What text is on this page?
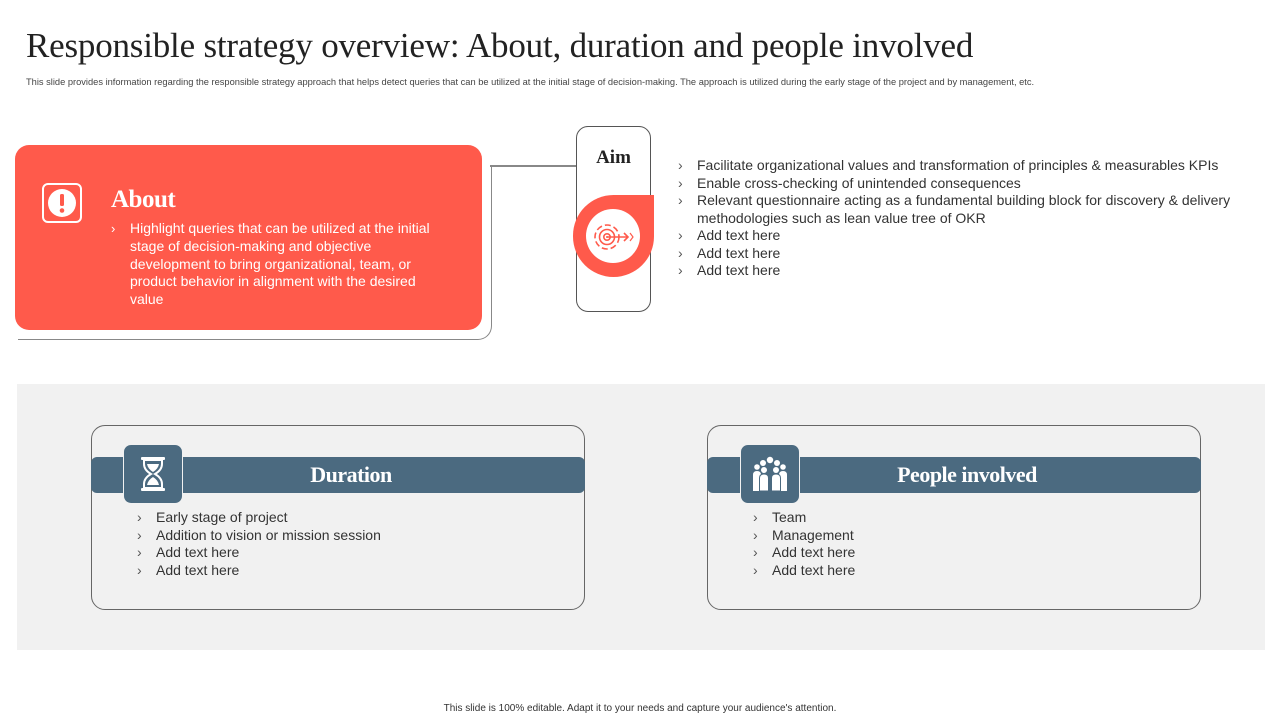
Responsible strategy overview: About, duration and people involved
This slide provides information regarding the responsible strategy approach that helps detect queries that can be utilized at the initial stage of decision-making. The approach is utilized during the early stage of the project and by management, etc.
About
› Highlight queries that can be utilized at the initial stage of decision-making and objective development to bring organizational, team, or product behavior in alignment with the desired value
Aim
›	Facilitate organizational values and transformation of principles & measurables KPIs
› Enable cross-checking of unintended consequences
› Relevant questionnaire acting as a fundamental building block for discovery & delivery methodologies such as lean value tree of OKR
› Add text here
› Add text here
› Add text here
Duration
› Early stage of project
› Addition to vision or mission session
› Add text here
› Add text here
People involved
› Team
› Management
› Add text here
› Add text here
This slide is 100% editable. Adapt it to your needs and capture your audience's attention.
